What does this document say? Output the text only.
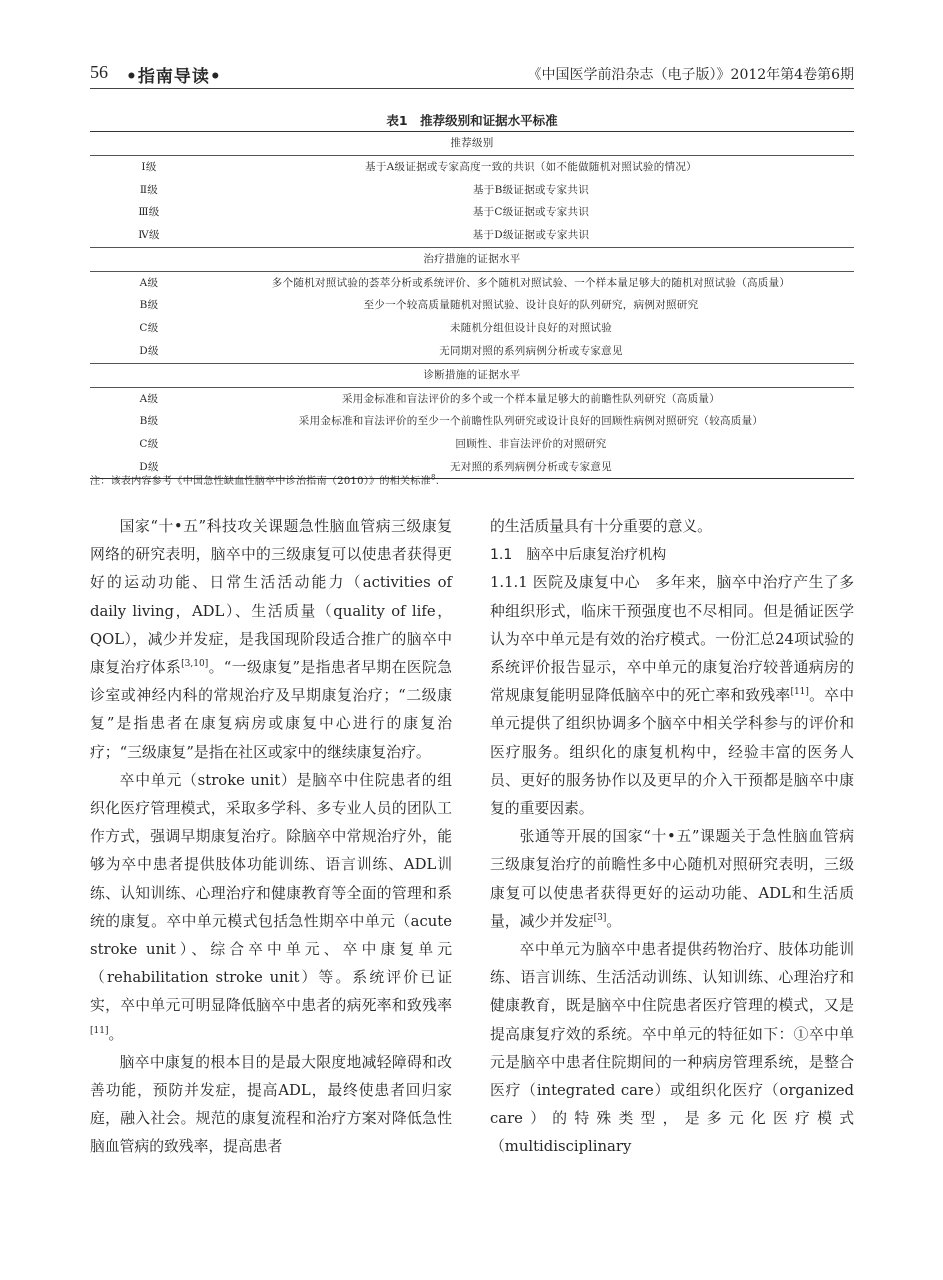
56 •指南导读•	《中国医学前沿杂志（电子版）》2012年第4卷第6期
表1　推荐级别和证据水平标准
推荐级别
Ⅰ级	基于A级证据或专家高度一致的共识（如不能做随机对照试验的情况）
Ⅱ级	基于B级证据或专家共识
Ⅲ级	基于C级证据或专家共识
Ⅳ级	基于D级证据或专家共识
治疗措施的证据水平
A级	多个随机对照试验的荟萃分析或系统评价、多个随机对照试验、一个样本量足够大的随机对照试验（高质量）
B级	至少一个较高质量随机对照试验、设计良好的队列研究，病例对照研究
C级	未随机分组但设计良好的对照试验
D级	无同期对照的系列病例分析或专家意见
诊断措施的证据水平
A级	采用金标准和盲法评价的多个或一个样本量足够大的前瞻性队列研究（高质量）
B级	采用金标准和盲法评价的至少一个前瞻性队列研究或设计良好的回顾性病例对照研究（较高质量）
C级	回顾性、非盲法评价的对照研究
D级	无对照的系列病例分析或专家意见
注：该表内容参考《中国急性缺血性脑卒中诊治指南（2010）》的相关标准$^8$.

国家“十•五”科技攻关课题急性脑血管病三级康复网络的研究表明，脑卒中的三级康复可以使患者获得更好的运动功能、日常生活活动能力（activities of daily living，ADL）、生活质量（quality of life，QOL），减少并发症，是我国现阶段适合推广的脑卒中康复治疗体系[3,10]。“一级康复”是指患者早期在医院急诊室或神经内科的常规治疗及早期康复治疗；“二级康复”是指患者在康复病房或康复中心进行的康复治疗；“三级康复”是指在社区或家中的继续康复治疗。

卒中单元（stroke unit）是脑卒中住院患者的组织化医疗管理模式，采取多学科、多专业人员的团队工作方式，强调早期康复治疗。除脑卒中常规治疗外，能够为卒中患者提供肢体功能训练、语言训练、ADL训练、认知训练、心理治疗和健康教育等全面的管理和系统的康复。卒中单元模式包括急性期卒中单元（acute stroke unit）、综合卒中单元、卒中康复单元（rehabilitation stroke unit）等。系统评价已证实，卒中单元可明显降低脑卒中患者的病死率和致残率[11]。

脑卒中康复的根本目的是最大限度地减轻障碍和改善功能，预防并发症，提高ADL，最终使患者回归家庭，融入社会。规范的康复流程和治疗方案对降低急性脑血管病的致残率，提高患者

的生活质量具有十分重要的意义。

1.1　脑卒中后康复治疗机构

1.1.1 医院及康复中心　多年来，脑卒中治疗产生了多种组织形式，临床干预强度也不尽相同。但是循证医学认为卒中单元是有效的治疗模式。一份汇总24项试验的系统评价报告显示，卒中单元的康复治疗较普通病房的常规康复能明显降低脑卒中的死亡率和致残率[11]。卒中单元提供了组织协调多个脑卒中相关学科参与的评价和医疗服务。组织化的康复机构中，经验丰富的医务人员、更好的服务协作以及更早的介入干预都是脑卒中康复的重要因素。

张通等开展的国家“十•五”课题关于急性脑血管病三级康复治疗的前瞻性多中心随机对照研究表明，三级康复可以使患者获得更好的运动功能、ADL和生活质量，减少并发症[3]。

卒中单元为脑卒中患者提供药物治疗、肢体功能训练、语言训练、生活活动训练、认知训练、心理治疗和健康教育，既是脑卒中住院患者医疗管理的模式，又是提高康复疗效的系统。卒中单元的特征如下：①卒中单元是脑卒中患者住院期间的一种病房管理系统，是整合医疗（integrated care）或组织化医疗（organized care）的特殊类型，是多元化医疗模式（multidisciplinary
